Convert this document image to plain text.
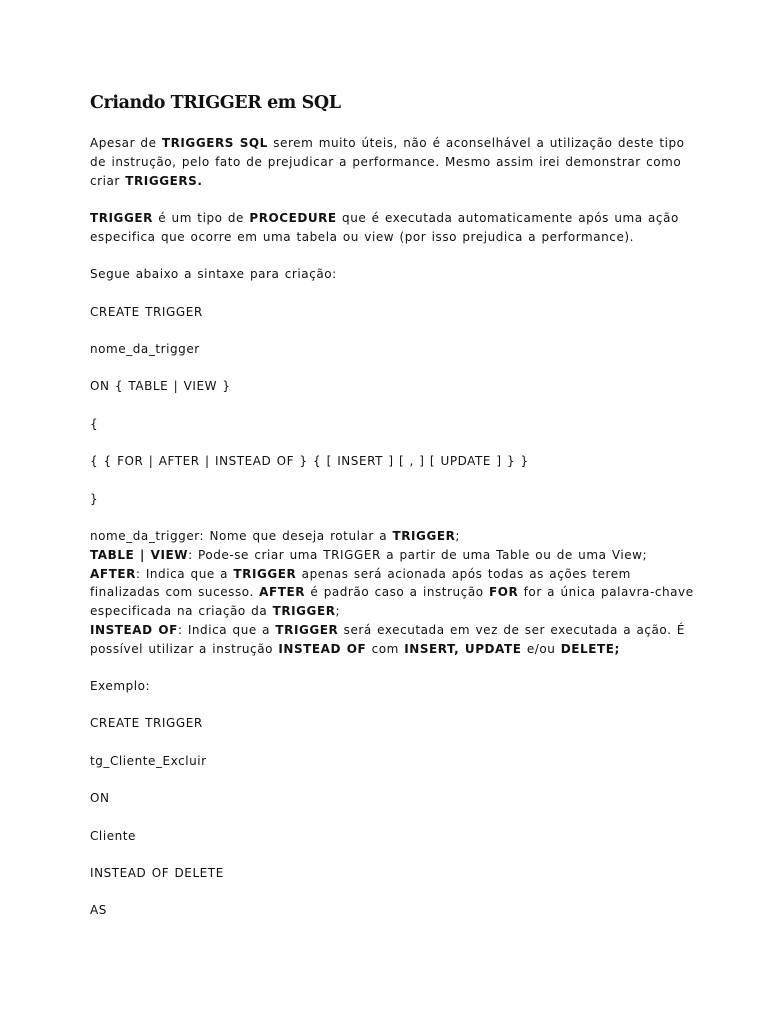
Criando TRIGGER em SQL

Apesar de TRIGGERS SQL serem muito úteis, não é aconselhável a utilização deste tipo
de instrução, pelo fato de prejudicar a performance. Mesmo assim irei demonstrar como
criar TRIGGERS.

TRIGGER é um tipo de PROCEDURE que é executada automaticamente após uma ação
especifica que ocorre em uma tabela ou view (por isso prejudica a performance).

Segue abaixo a sintaxe para criação:

CREATE TRIGGER

nome_da_trigger

ON { TABLE | VIEW }

{

{ { FOR | AFTER | INSTEAD OF } { [ INSERT ] [ , ] [ UPDATE ] } }

}

nome_da_trigger: Nome que deseja rotular a TRIGGER;
TABLE | VIEW: Pode-se criar uma TRIGGER a partir de uma Table ou de uma View;
AFTER: Indica que a TRIGGER apenas será acionada após todas as ações terem
finalizadas com sucesso. AFTER é padrão caso a instrução FOR for a única palavra-chave
especificada na criação da TRIGGER;
INSTEAD OF: Indica que a TRIGGER será executada em vez de ser executada a ação. É
possível utilizar a instrução INSTEAD OF com INSERT, UPDATE e/ou DELETE;

Exemplo:

CREATE TRIGGER

tg_Cliente_Excluir

ON

Cliente

INSTEAD OF DELETE

AS
